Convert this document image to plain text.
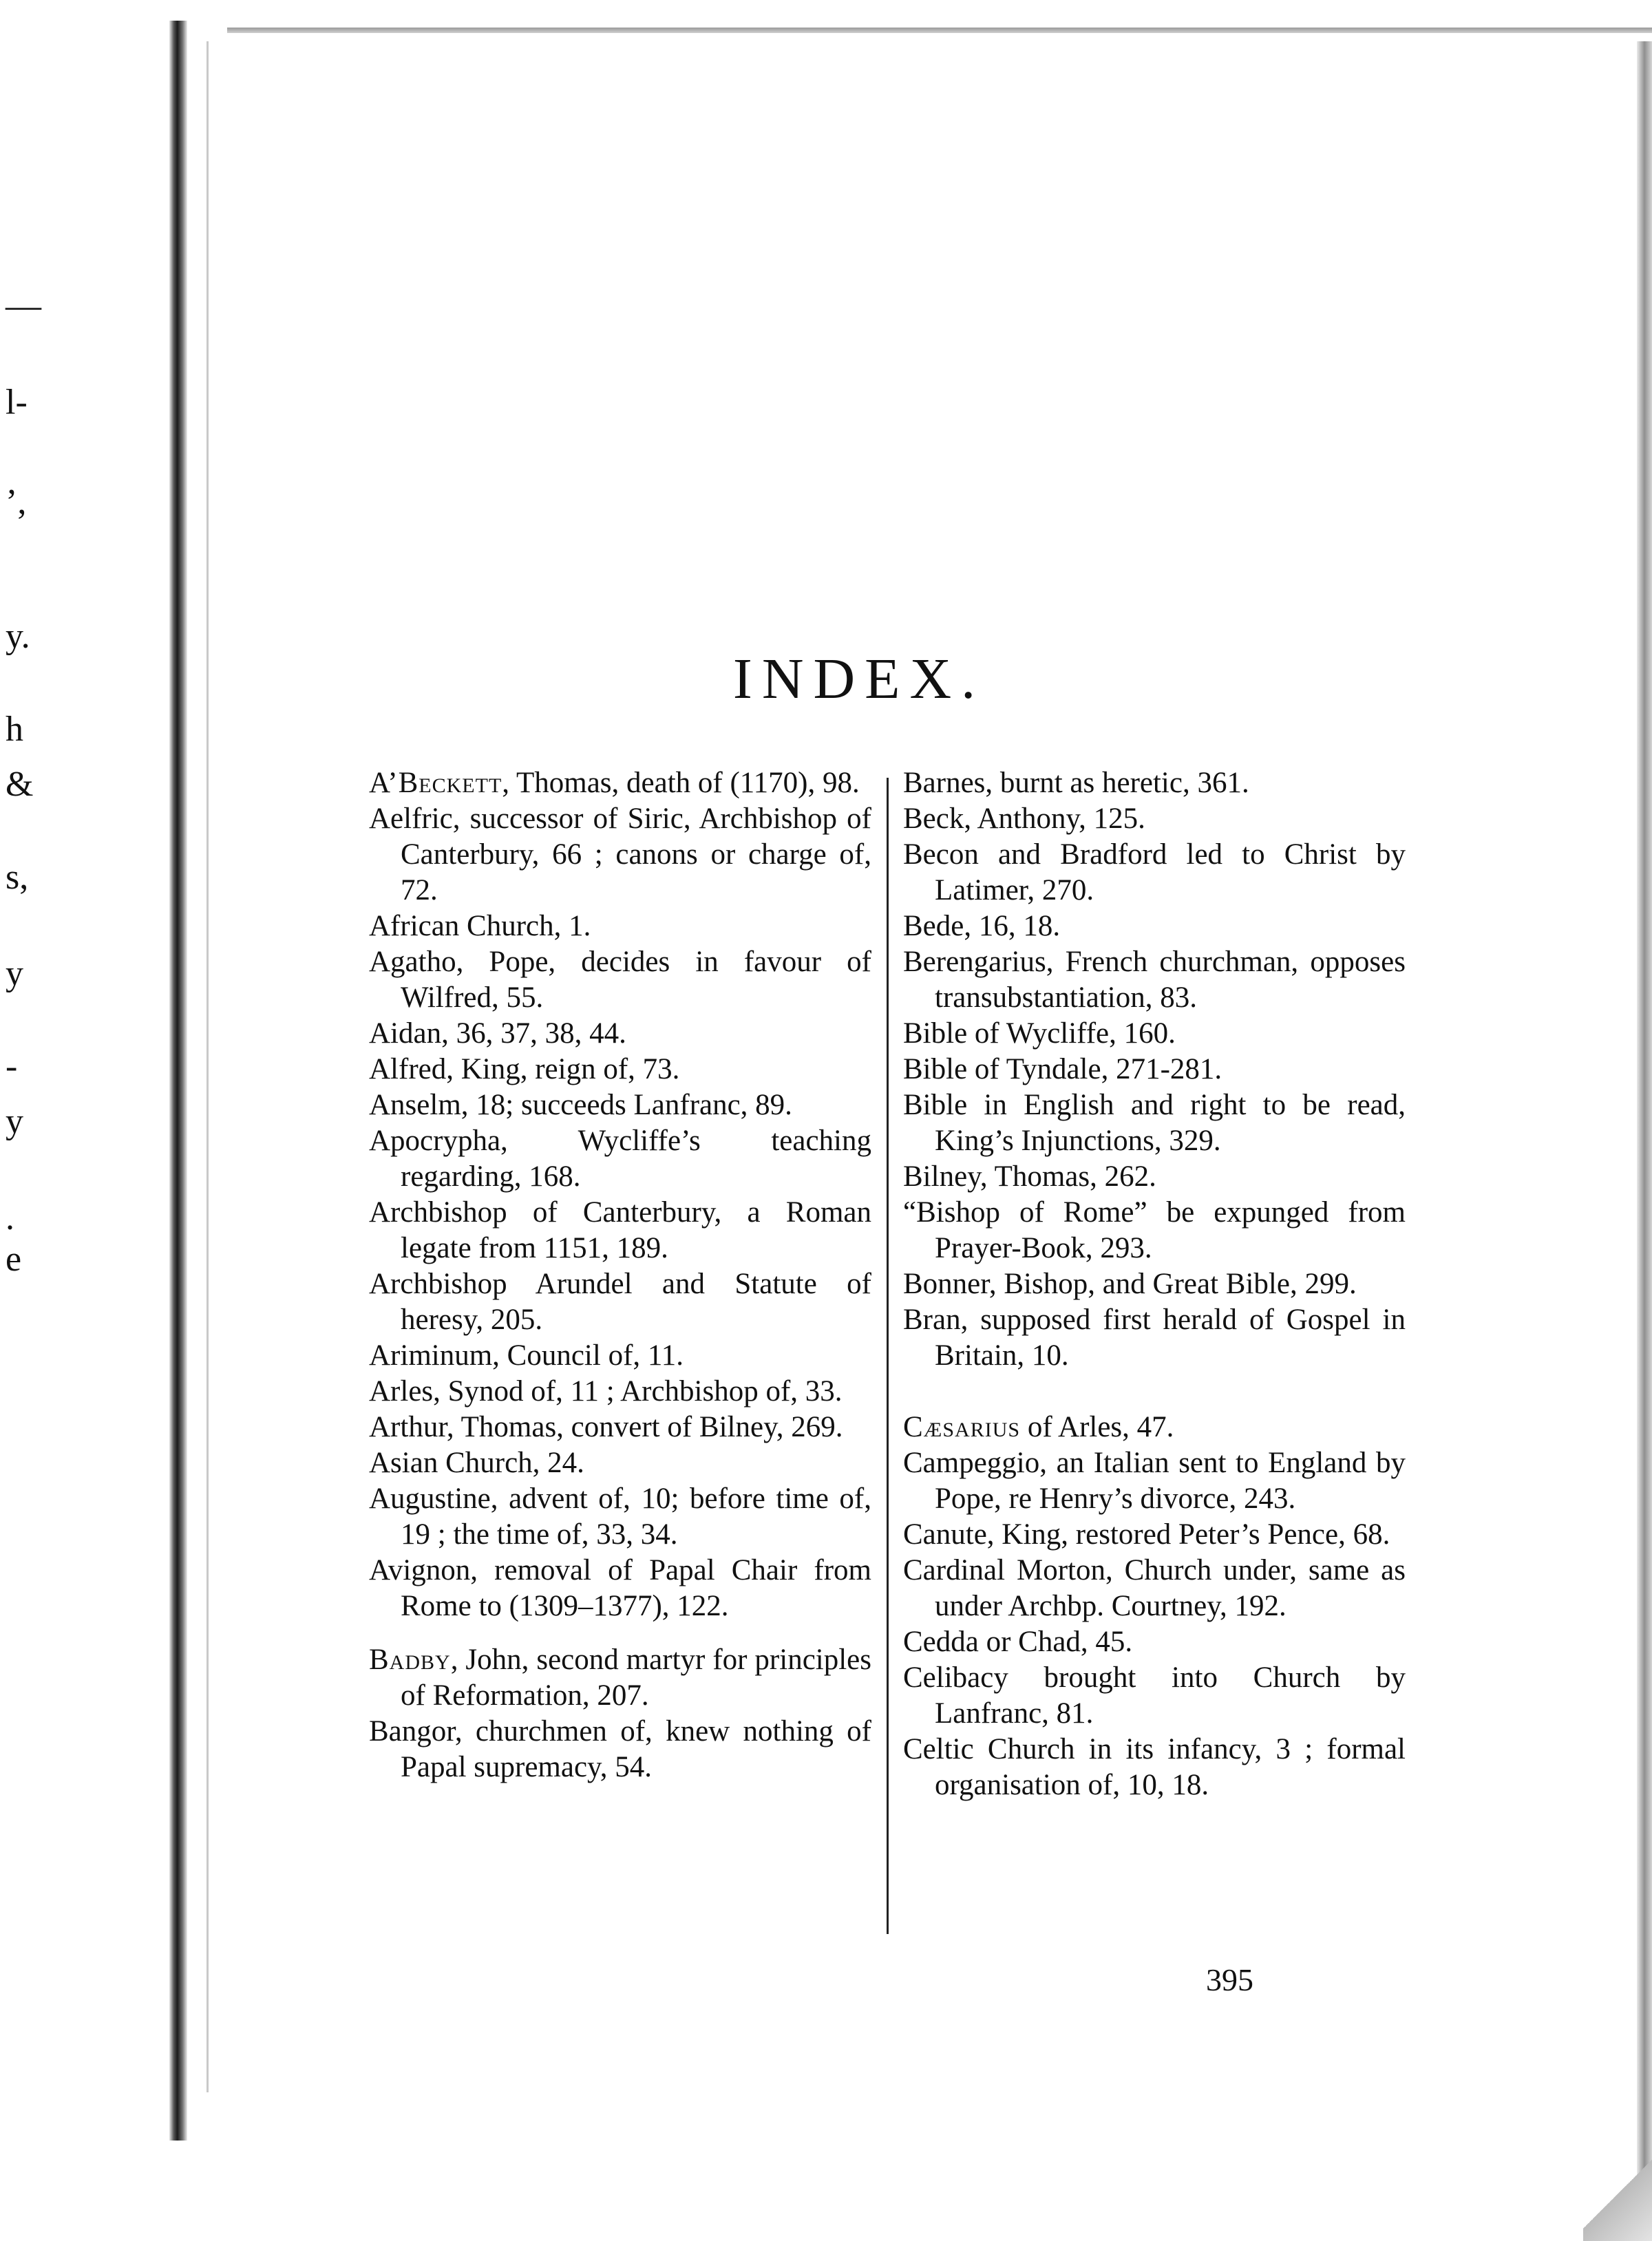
—
l-
’,
y.
h
&
s,
y
-
y
.
e
INDEX.

A’Beckett, Thomas, death of (1170), 98.

Aelfric, successor of Siric, Archbishop of Canterbury, 66 ; canons or charge of, 72.

African Church, 1.

Agatho, Pope, decides in favour of Wilfred, 55.

Aidan, 36, 37, 38, 44.

Alfred, King, reign of, 73.

Anselm, 18; succeeds Lanfranc, 89.

Apocrypha, Wycliffe’s teaching regarding, 168.

Archbishop of Canterbury, a Roman legate from 1151, 189.

Archbishop Arundel and Statute of heresy, 205.

Ariminum, Council of, 11.

Arles, Synod of, 11 ; Archbishop of, 33.

Arthur, Thomas, convert of Bilney, 269.

Asian Church, 24.

Augustine, advent of, 10; before time of, 19 ; the time of, 33, 34.

Avignon, removal of Papal Chair from Rome to (1309–1377), 122.

Badby, John, second martyr for principles of Reformation, 207.

Bangor, churchmen of, knew nothing of Papal supremacy, 54.

Barnes, burnt as heretic, 361.

Beck, Anthony, 125.

Becon and Bradford led to Christ by Latimer, 270.

Bede, 16, 18.

Berengarius, French churchman, opposes transubstantiation, 83.

Bible of Wycliffe, 160.

Bible of Tyndale, 271-281.

Bible in English and right to be read, King’s Injunctions, 329.

Bilney, Thomas, 262.

“Bishop of Rome” be expunged from Prayer-Book, 293.

Bonner, Bishop, and Great Bible, 299.

Bran, supposed first herald of Gospel in Britain, 10.

Cæsarius of Arles, 47.

Campeggio, an Italian sent to England by Pope, re Henry’s divorce, 243.

Canute, King, restored Peter’s Pence, 68.

Cardinal Morton, Church under, same as under Archbp. Courtney, 192.

Cedda or Chad, 45.

Celibacy brought into Church by Lanfranc, 81.

Celtic Church in its infancy, 3 ; formal organisation of, 10, 18.

395
